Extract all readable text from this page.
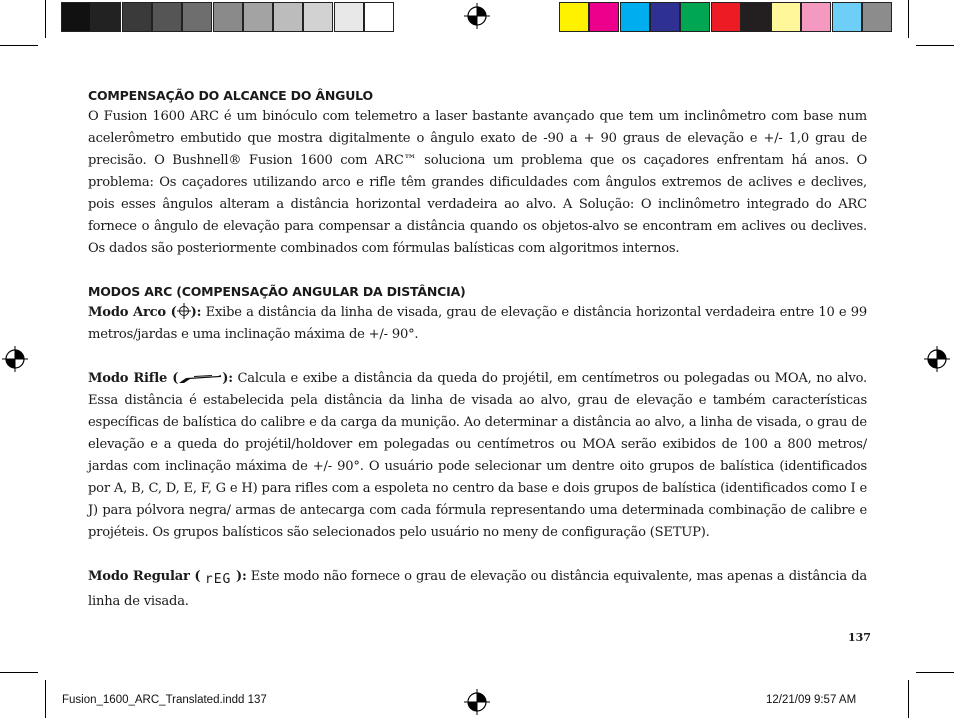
COMPENSAÇÃO DO ALCANCE DO ÂNGULO

O Fusion 1600 ARC é um binóculo com telemetro a laser bastante avançado que tem um inclinômetro com base num acelerômetro embutido que mostra digitalmente o ângulo exato de -90 a + 90 graus de elevação e +/- 1,0 grau de precisão. O Bushnell® Fusion 1600 com ARC™ soluciona um problema que os caçadores enfrentam há anos. O problema: Os caçadores utilizando arco e rifle têm grandes dificuldades com ângulos extremos de aclives e declives, pois esses ângulos alteram a distância horizontal verdadeira ao alvo. A Solução: O inclinômetro integrado do ARC fornece o ângulo de elevação para compensar a distância quando os objetos-alvo se encontram em aclives ou declives. Os dados são posteriormente combinados com fórmulas balísticas com algoritmos internos.

MODOS ARC (COMPENSAÇÃO ANGULAR DA DISTÂNCIA)

Modo Arco ( ): Exibe a distância da linha de visada, grau de elevação e distância horizontal verdadeira entre 10 e 99 metros/jardas e uma inclinação máxima de +/- 90°.

Modo Rifle (	): Calcula e exibe a distância da queda do projétil, em centímetros ou polegadas ou MOA, no alvo. Essa distância é estabelecida pela distância da linha de visada ao alvo, grau de elevação e também características específicas de balística do calibre e da carga da munição. Ao determinar a distância ao alvo, a linha de visada, o grau de elevação e a queda do projétil/holdover em polegadas ou centímetros ou MOA serão exibidos de 100 a 800 metros/ jardas com inclinação máxima de +/- 90°. O usuário pode selecionar um dentre oito grupos de balística (identificados por A, B, C, D, E, F, G e H) para rifles com a espoleta no centro da base e dois grupos de balística (identificados como I e J) para pólvora negra/ armas de antecarga com cada fórmula representando uma determinada combinação de calibre e projéteis. Os grupos balísticos são selecionados pelo usuário no meny de configuração (SETUP).

Modo Regular ( rEG ): Este modo não fornece o grau de elevação ou distância equivalente, mas apenas a distância da linha de visada.

137
Fusion_1600_ARC_Translated.indd 137	12/21/09 9:57 AM
